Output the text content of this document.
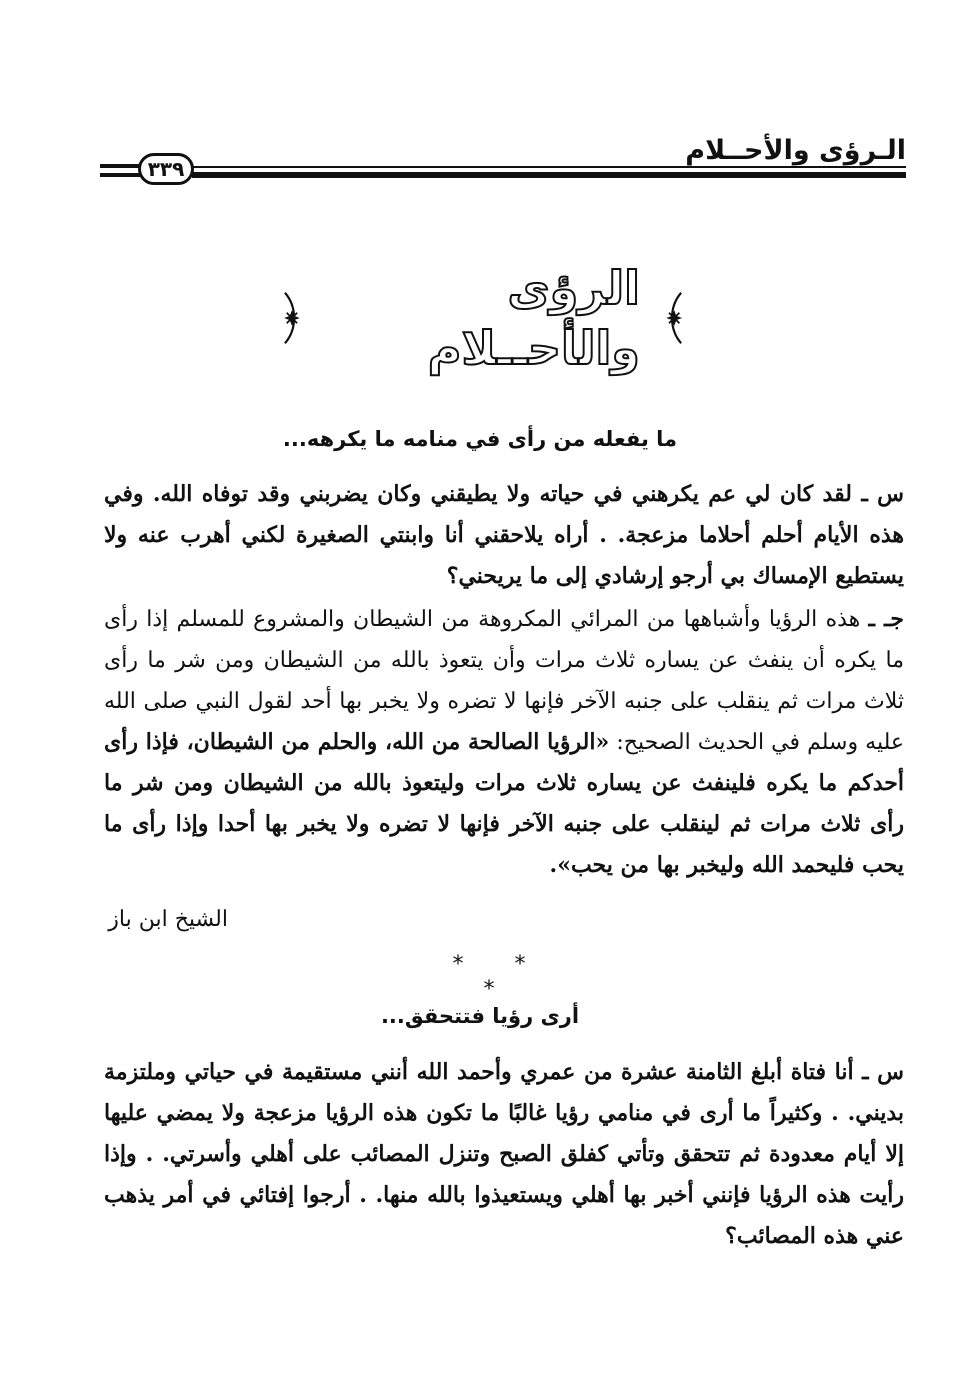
الـرؤى والأحــلام
٣٣٩
الرؤى والأحــلام
ما يفعله من رأى في منامه ما يكرهه...

س ـ لقد كان لي عم يكرهني في حياته ولا يطيقني وكان يضربني وقد توفاه الله. وفي هذه الأيام أحلم أحلاما مزعجة. . أراه يلاحقني أنا وابنتي الصغيرة لكني أهرب عنه ولا يستطيع الإمساك بي أرجو إرشادي إلى ما يريحني؟

جـ ـ هذه الرؤيا وأشباهها من المرائي المكروهة من الشيطان والمشروع للمسلم إذا رأى ما يكره أن ينفث عن يساره ثلاث مرات وأن يتعوذ بالله من الشيطان ومن شر ما رأى ثلاث مرات ثم ينقلب على جنبه الآخر فإنها لا تضره ولا يخبر بها أحد لقول النبي صلى الله عليه وسلم في الحديث الصحيح: «الرؤيا الصالحة من الله، والحلم من الشيطان، فإذا رأى أحدكم ما يكره فلينفث عن يساره ثلاث مرات وليتعوذ بالله من الشيطان ومن شر ما رأى ثلاث مرات ثم لينقلب على جنبه الآخر فإنها لا تضره ولا يخبر بها أحدا وإذا رأى ما يحب فليحمد الله وليخبر بها من يحب».

الشيخ ابن باز
* * *
أرى رؤيا فتتحقق...

س ـ أنا فتاة أبلغ الثامنة عشرة من عمري وأحمد الله أنني مستقيمة في حياتي وملتزمة بديني. . وكثيراً ما أرى في منامي رؤيا غالبًا ما تكون هذه الرؤيا مزعجة ولا يمضي عليها إلا أيام معدودة ثم تتحقق وتأتي كفلق الصبح وتنزل المصائب على أهلي وأسرتي. . وإذا رأيت هذه الرؤيا فإنني أخبر بها أهلي ويستعيذوا بالله منها. . أرجوا إفتائي في أمر يذهب عني هذه المصائب؟
